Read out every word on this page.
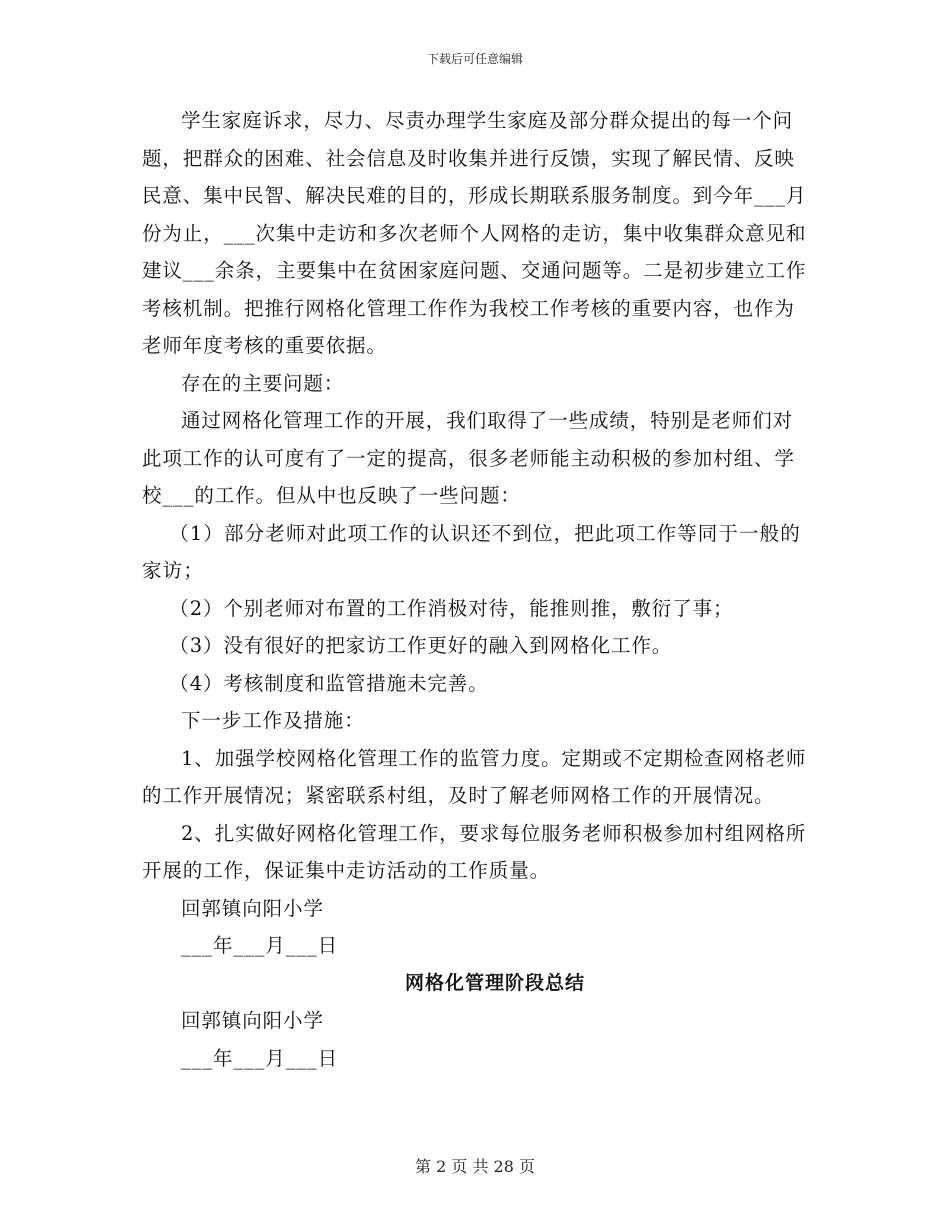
下载后可任意编辑

学生家庭诉求，尽力、尽责办理学生家庭及部分群众提出的每一个问题，把群众的困难、社会信息及时收集并进行反馈，实现了解民情、反映民意、集中民智、解决民难的目的，形成长期联系服务制度。到今年___月份为止，___次集中走访和多次老师个人网格的走访，集中收集群众意见和建议___余条，主要集中在贫困家庭问题、交通问题等。二是初步建立工作考核机制。把推行网格化管理工作作为我校工作考核的重要内容，也作为老师年度考核的重要依据。

存在的主要问题：

通过网格化管理工作的开展，我们取得了一些成绩，特别是老师们对此项工作的认可度有了一定的提高，很多老师能主动积极的参加村组、学校___的工作。但从中也反映了一些问题：

（1）部分老师对此项工作的认识还不到位，把此项工作等同于一般的家访；

（2）个别老师对布置的工作消极对待，能推则推，敷衍了事；

（3）没有很好的把家访工作更好的融入到网格化工作。

（4）考核制度和监管措施未完善。

下一步工作及措施：

1、加强学校网格化管理工作的监管力度。定期或不定期检查网格老师的工作开展情况；紧密联系村组，及时了解老师网格工作的开展情况。

2、扎实做好网格化管理工作，要求每位服务老师积极参加村组网格所开展的工作，保证集中走访活动的工作质量。

回郭镇向阳小学

___年___月___日

网格化管理阶段总结

回郭镇向阳小学

___年___月___日

第 2 页 共 28 页
